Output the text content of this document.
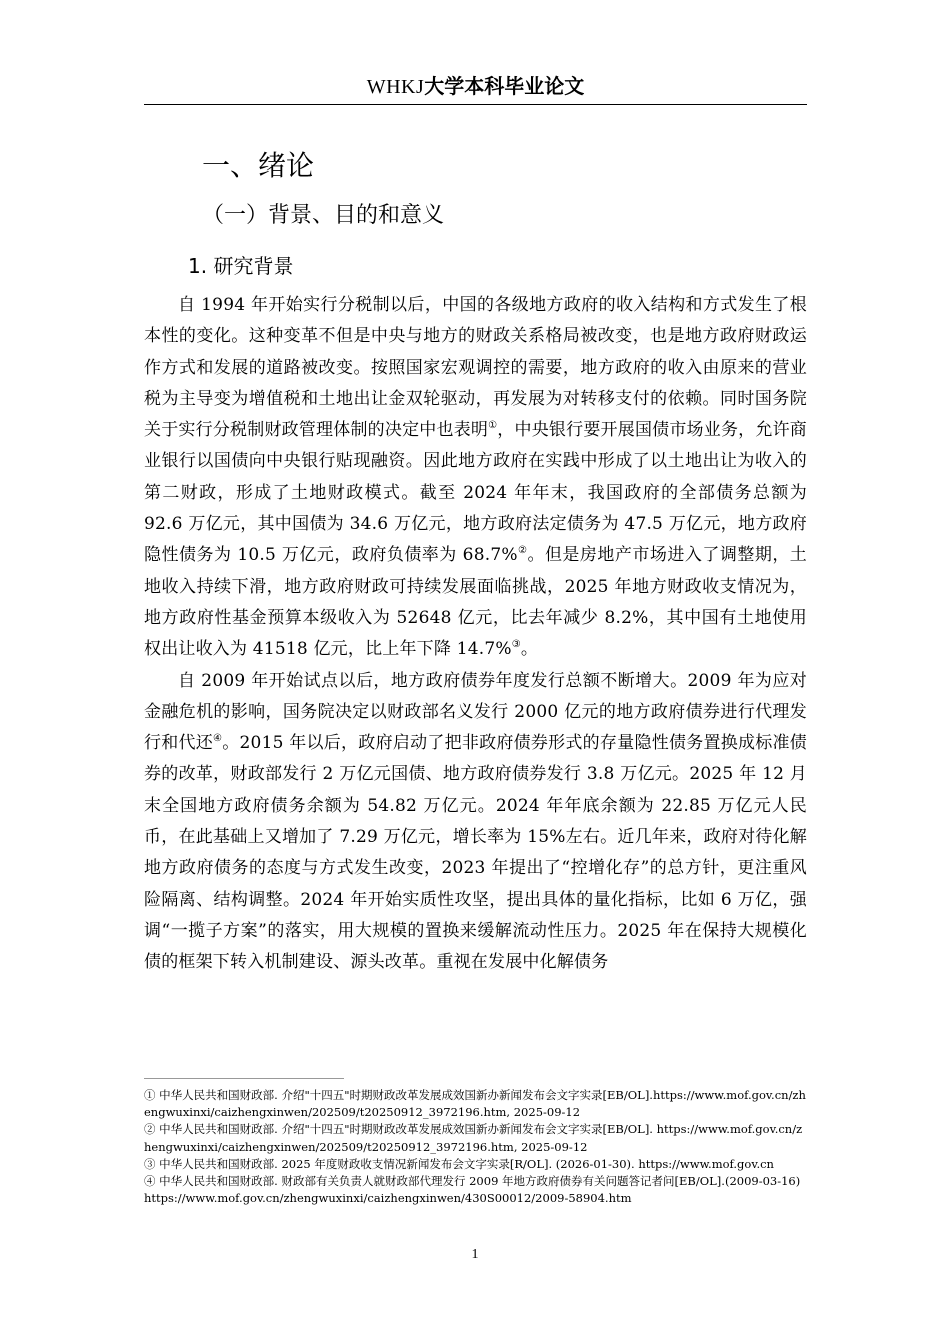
WHKJ大学本科毕业论文
一、绪论
（一）背景、目的和意义
1. 研究背景

自 1994 年开始实行分税制以后，中国的各级地方政府的收入结构和方式发生了根本性的变化。这种变革不但是中央与地方的财政关系格局被改变，也是地方政府财政运作方式和发展的道路被改变。按照国家宏观调控的需要，地方政府的收入由原来的营业税为主导变为增值税和土地出让金双轮驱动，再发展为对转移支付的依赖。同时国务院关于实行分税制财政管理体制的决定中也表明①，中央银行要开展国债市场业务，允许商业银行以国债向中央银行贴现融资。因此地方政府在实践中形成了以土地出让为收入的第二财政，形成了土地财政模式。截至 2024 年年末，我国政府的全部债务总额为 92.6 万亿元，其中国债为 34.6 万亿元，地方政府法定债务为 47.5 万亿元，地方政府隐性债务为 10.5 万亿元，政府负债率为 68.7%②。但是房地产市场进入了调整期，土地收入持续下滑，地方政府财政可持续发展面临挑战，2025 年地方财政收支情况为，地方政府性基金预算本级收入为 52648 亿元，比去年减少 8.2%，其中国有土地使用权出让收入为 41518 亿元，比上年下降 14.7%③。

自 2009 年开始试点以后，地方政府债券年度发行总额不断增大。2009 年为应对金融危机的影响，国务院决定以财政部名义发行 2000 亿元的地方政府债券进行代理发行和代还④。2015 年以后，政府启动了把非政府债券形式的存量隐性债务置换成标准债券的改革，财政部发行 2 万亿元国债、地方政府债券发行 3.8 万亿元。2025 年 12 月末全国地方政府债务余额为 54.82 万亿元。2024 年年底余额为 22.85 万亿元人民币，在此基础上又增加了 7.29 万亿元，增长率为 15%左右。近几年来，政府对待化解地方政府债务的态度与方式发生改变，2023 年提出了“控增化存”的总方针，更注重风险隔离、结构调整。2024 年开始实质性攻坚，提出具体的量化指标，比如 6 万亿，强调“一揽子方案”的落实，用大规模的置换来缓解流动性压力。2025 年在保持大规模化债的框架下转入机制建设、源头改革。重视在发展中化解债务

① 中华人民共和国财政部. 介绍"十四五"时期财政改革发展成效国新办新闻发布会文字实录[EB/OL].https://www.mof.gov.cn/zhengwuxinxi/caizhengxinwen/202509/t20250912_3972196.htm, 2025-09-12

② 中华人民共和国财政部. 介绍"十四五"时期财政改革发展成效国新办新闻发布会文字实录[EB/OL]. https://www.mof.gov.cn/zhengwuxinxi/caizhengxinwen/202509/t20250912_3972196.htm, 2025-09-12

③ 中华人民共和国财政部. 2025 年度财政收支情况新闻发布会文字实录[R/OL]. (2026-01-30). https://www.mof.gov.cn

④ 中华人民共和国财政部. 财政部有关负责人就财政部代理发行 2009 年地方政府债券有关问题答记者问[EB/OL].(2009-03-16)https://www.mof.gov.cn/zhengwuxinxi/caizhengxinwen/430S00012/2009-58904.htm

1
